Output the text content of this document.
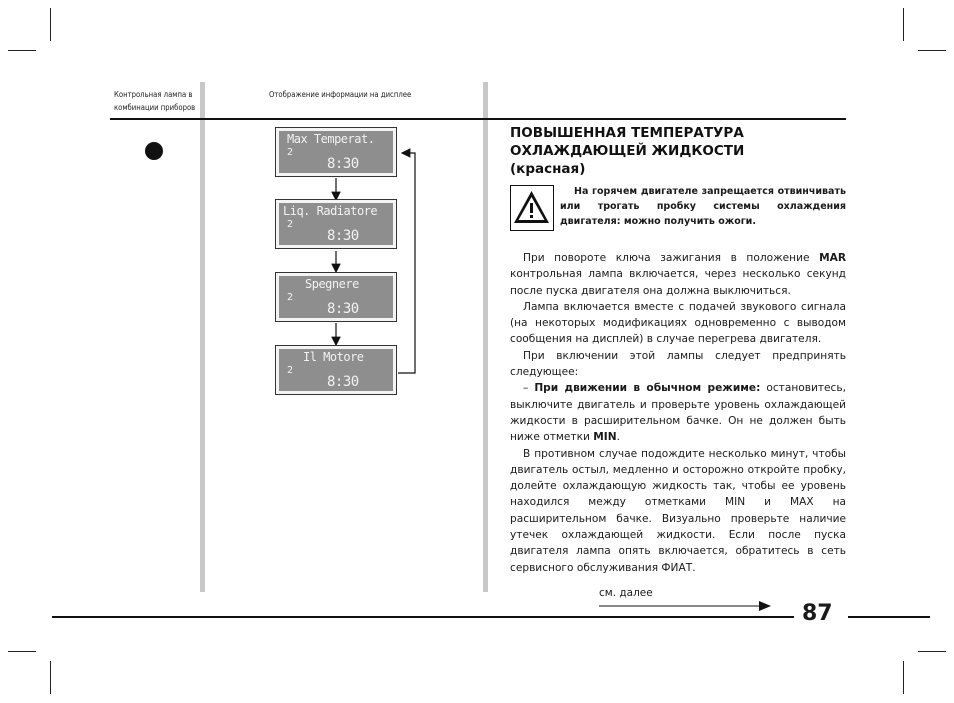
Контрольная лампа в
комбинации приборов
Отображение информации на дисплее
Max Temperat.
2
8:30
Liq. Radiatore
2
8:30
Spegnere
2
8:30
Il Motore
2
8:30
ПОВЫШЕННАЯ ТЕМПЕРАТУРА
ОХЛАЖДАЮЩЕЙ ЖИДКОСТИ
(красная)
На горячем двигателе запрещается отвинчивать или трогать пробку системы охлаждения двигателя: можно получить ожоги.

При повороте ключа зажигания в положение MAR контрольная лампа включается, через несколько секунд после пуска двигателя она должна выключиться.

Лампа включается вместе с подачей звукового сигнала (на некоторых модификациях одновременно с выводом сообщения на дисплей) в случае перегрева двигателя.

При включении этой лампы следует предпринять следующее:

– При движении в обычном режиме: остановитесь, выключите двигатель и проверьте уровень охлаждающей жидкости в расширительном бачке. Он не должен быть ниже отметки MIN.

В противном случае подождите несколько минут, чтобы двигатель остыл, медленно и осторожно откройте пробку, долейте охлаждающую жидкость так, чтобы ее уровень находился между отметками MIN и MAX на расширительном бачке. Визуально проверьте наличие утечек охлаждающей жидкости. Если после пуска двигателя лампа опять включается, обратитесь в сеть сервисного обслуживания ФИАТ.

см. далее
87
